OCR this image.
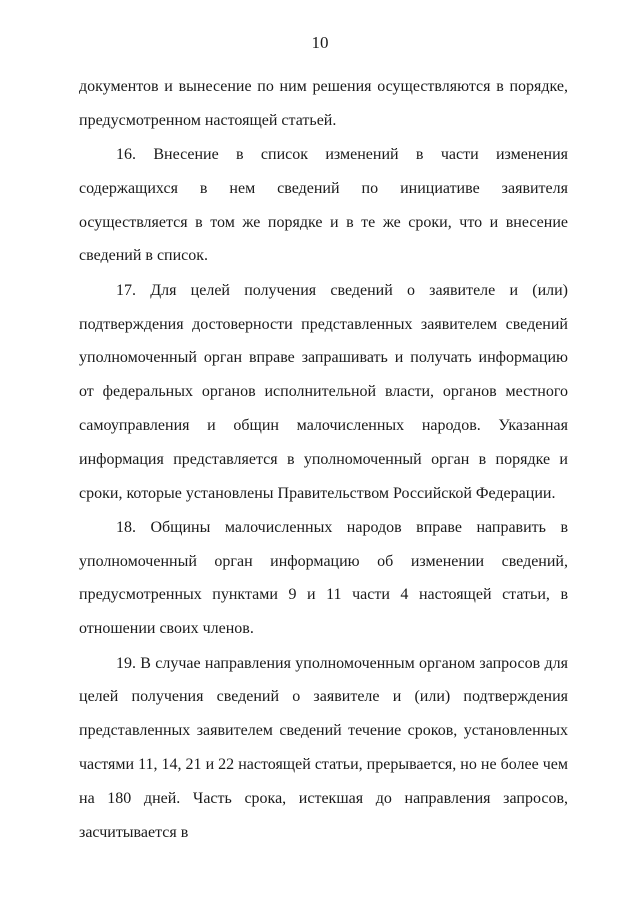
10

документов и вынесение по ним решения осуществляются в порядке, предусмотренном настоящей статьей.

16. Внесение в список изменений в части изменения содержащихся в нем сведений по инициативе заявителя осуществляется в том же порядке и в те же сроки, что и внесение сведений в список.

17. Для целей получения сведений о заявителе и (или) подтверждения достоверности представленных заявителем сведений уполномоченный орган вправе запрашивать и получать информацию от федеральных органов исполнительной власти, органов местного самоуправления и общин малочисленных народов. Указанная информация представляется в уполномоченный орган в порядке и сроки, которые установлены Правительством Российской Федерации.

18. Общины малочисленных народов вправе направить в уполномоченный орган информацию об изменении сведений, предусмотренных пунктами 9 и 11 части 4 настоящей статьи, в отношении своих членов.

19. В случае направления уполномоченным органом запросов для целей получения сведений о заявителе и (или) подтверждения представленных заявителем сведений течение сроков, установленных частями 11, 14, 21 и 22 настоящей статьи, прерывается, но не более чем на 180 дней. Часть срока, истекшая до направления запросов, засчитывается в
